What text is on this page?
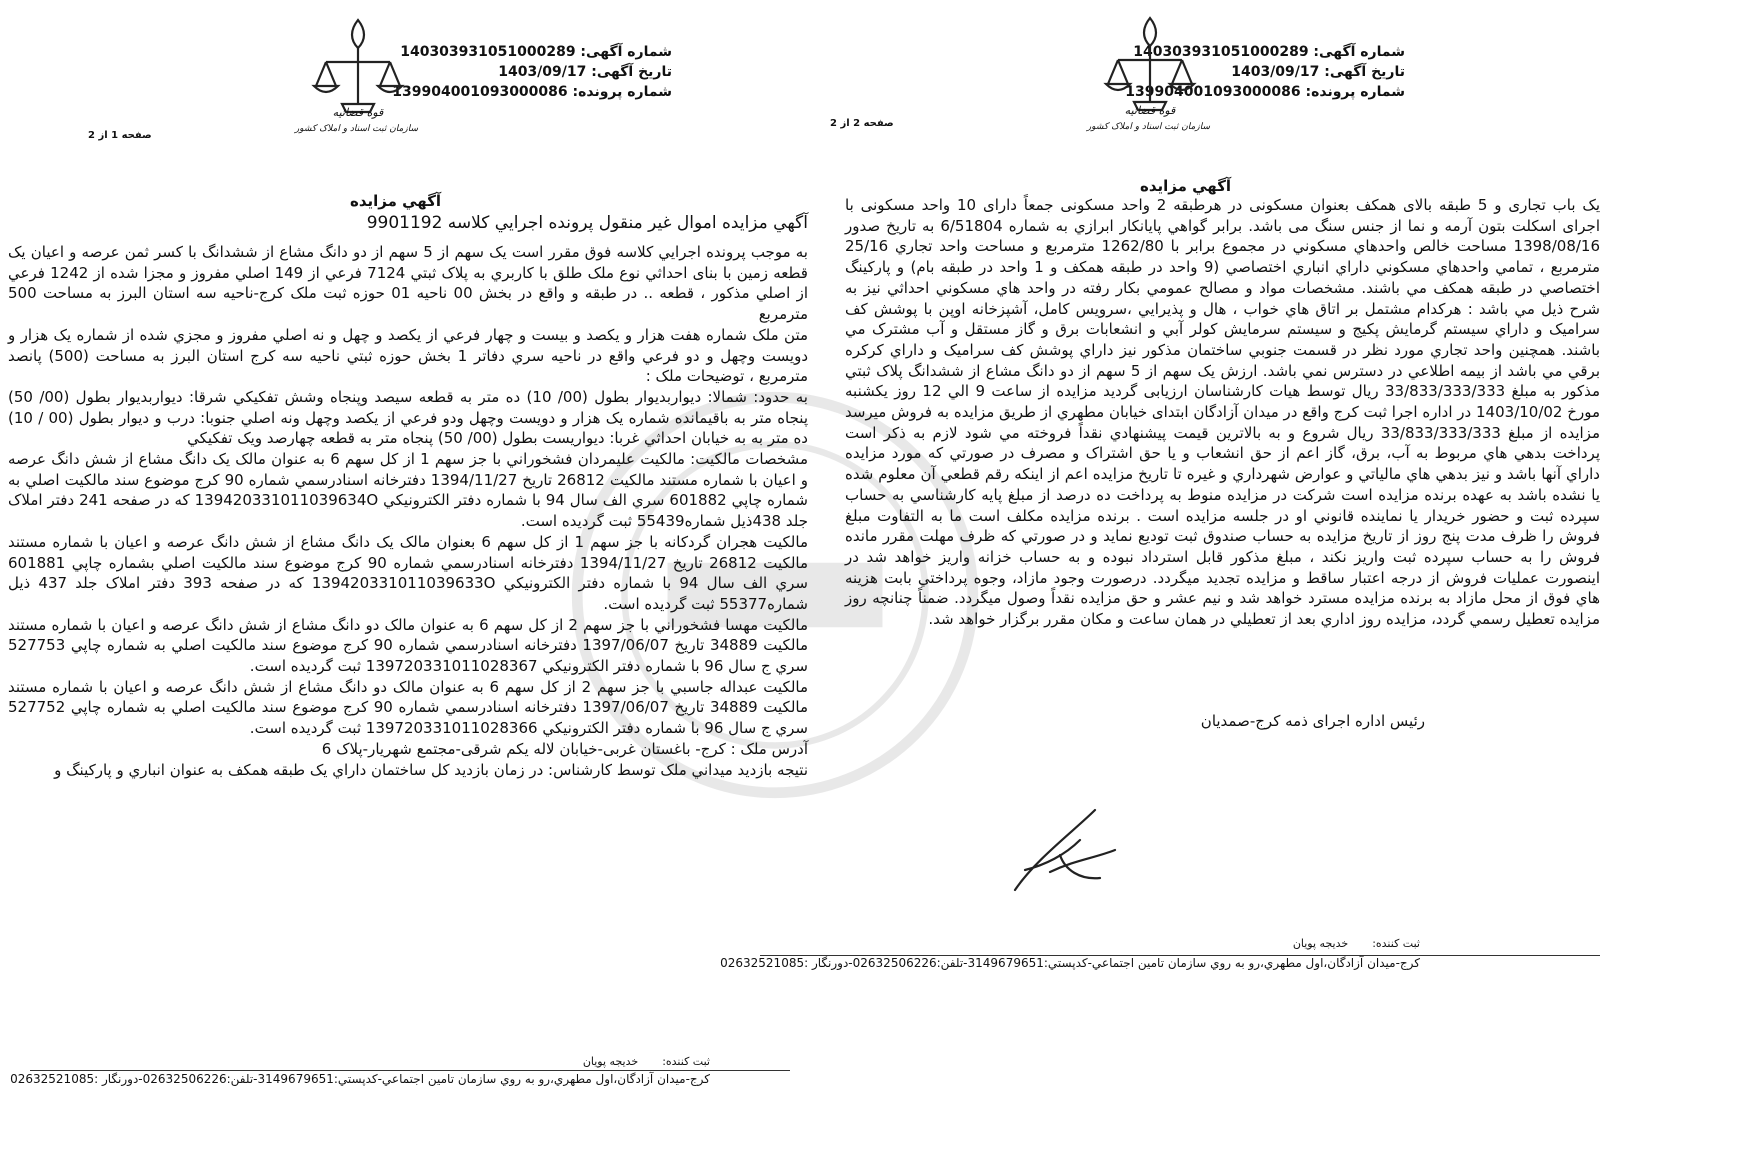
شماره آگهی: 140303931051000289
تاریخ آگهی: 1403/09/17
شماره پرونده: 139904001093000086
قوه قضائیه
سازمان ثبت اسناد و املاک کشور
صفحه 2 از 2
آگهي مزايده

یک باب تجاری و 5 طبقه بالای همکف بعنوان مسکونی در هرطبقه 2 واحد مسکونی جمعاً دارای 10 واحد مسکونی با اجرای اسکلت بتون آرمه و نما از جنس سنگ می باشد. برابر گواهي پايانكار ابرازي به شماره 6/51804 به تاريخ صدور 1398/08/16 مساحت خالص واحدهاي مسكوني در مجموع برابر با 1262/80 مترمربع و مساحت واحد تجاري 25/16 مترمربع ، تمامي واحدهاي مسكوني داراي انباري اختصاصي (9 واحد در طبقه همكف و 1 واحد در طبقه بام) و پاركينگ اختصاصي در طبقه همكف مي باشند. مشخصات مواد و مصالح عمومي بكار رفته در واحد هاي مسكوني احداثي نيز به شرح ذيل مي باشد : هركدام مشتمل بر اتاق هاي خواب ، هال و پذيرايي ،سرويس كامل، آشپزخانه اوپن با پوشش كف سراميک و داراي سيستم گرمايش پكيج و سيستم سرمايش كولر آبي و انشعابات برق و گاز مستقل و آب مشترک مي باشند. همچنين واحد تجاري مورد نظر در قسمت جنوبي ساختمان مذكور نيز داراي پوشش كف سراميک و داراي كركره برقي مي باشد از بيمه اطلاعي در دسترس نمي باشد. ارزش يک سهم از 5 سهم از دو دانگ مشاع از ششدانگ پلاک ثبتي مذکور به مبلغ 33/833/333/333 ریال توسط هيات کارشناسان ارزیابی گرديد مزايده از ساعت 9 الي 12 روز يکشنبه مورخ 1403/10/02 در اداره اجرا ثبت کرج واقع در میدان آزادگان ابتدای خیابان مطهري از طریق مزایده به فروش ميرسد مزايده از مبلغ 33/833/333/333 ریال شروع و به بالاترين قيمت پيشنهادي نقداً فروخته مي شود لازم به ذكر است پرداخت بدهي هاي مربوط به آب، برق، گاز اعم از حق انشعاب و يا حق اشتراک و مصرف در صورتي كه مورد مزايده داراي آنها باشد و نيز بدهي هاي مالياتي و عوارض شهرداري و غيره تا تاريخ مزايده اعم از اينكه رقم قطعي آن معلوم شده يا نشده باشد به عهده برنده مزايده است شركت در مزايده منوط به پرداخت ده درصد از مبلغ پايه كارشناسي به حساب سپرده ثبت و حضور خريدار يا نماينده قانوني او در جلسه مزايده است . برنده مزايده مكلف است ما به التفاوت مبلغ فروش را ظرف مدت پنج روز از تاريخ مزايده به حساب صندوق ثبت توديع نمايد و در صورتي كه ظرف مهلت مقرر مانده فروش را به حساب سپرده ثبت واريز نكند ، مبلغ مذكور قابل استرداد نبوده و به حساب خزانه واريز خواهد شد در اينصورت عمليات فروش از درجه اعتبار ساقط و مزايده تجديد ميگردد. درصورت وجود مازاد، وجوه پرداختي بابت هزينه هاي فوق از محل مازاد به برنده مزايده مسترد خواهد شد و نيم عشر و حق مزايده نقداً وصول ميگردد. ضمناً چنانچه روز مزايده تعطيل رسمي گردد، مزايده روز اداري بعد از تعطيلي در همان ساعت و مكان مقرر برگزار خواهد شد.

رئیس اداره اجرای ذمه کرج-صمدیان
ثبت کننده:خدیجه پویان
کرج-میدان آزادگان،اول مطهري،رو به روي سازمان تامین اجتماعي-کدپستي:3149679651-تلفن:02632506226-دورنگار :02632521085
شماره آگهی: 140303931051000289
تاریخ آگهی: 1403/09/17
شماره پرونده: 139904001093000086
قوه قضائیه
سازمان ثبت اسناد و املاک کشور
صفحه 1 از 2
آگهي مزايده
آگهي مزايده اموال غير منقول پرونده اجرايي كلاسه 9901192

به موجب پرونده اجرايي كلاسه فوق مقرر است يک سهم از 5 سهم از دو دانگ مشاع از ششدانگ با كسر ثمن عرصه و اعيان یک قطعه زمین با بنای احداثي نوع ملک طلق با كاربري به پلاک ثبتي 7124 فرعي از 149 اصلي مفروز و مجزا شده از 1242 فرعي از اصلي مذكور ، قطعه .. در طبقه و واقع در بخش 00 ناحيه 01 حوزه ثبت ملک كرج-ناحيه سه استان البرز به مساحت 500 مترمربع

متن ملک شماره هفت هزار و يكصد و بيست و چهار فرعي از يكصد و چهل و نه اصلي مفروز و مجزي شده از شماره يک هزار و دويست وچهل و دو فرعي واقع در ناحيه سري دفاتر 1 بخش حوزه ثبتي ناحيه سه كرج استان البرز به مساحت (500) پانصد مترمربع ، توضيحات ملک :

به حدود: شمالا: ديواربديوار بطول (00/ 10) ده متر به قطعه سيصد وپنجاه وشش تفكيكي شرقا: ديواربديوار بطول (00/ 50) پنجاه متر به باقيمانده شماره يک هزار و دويست وچهل ودو فرعي از يكصد وچهل ونه اصلي جنوبا: درب و ديوار بطول (00 / 10) ده متر به به خيابان احداثي غربا: ديواريست بطول (00/ 50) پنجاه متر به قطعه چهارصد ويک تفكيكي

مشخصات مالكيت: مالكيت عليمردان فشخوراني با جز سهم 1 از كل سهم 6 به عنوان مالک يک دانگ مشاع از شش دانگ عرصه و اعيان با شماره مستند مالكيت 26812 تاريخ 1394/11/27 دفترخانه اسنادرسمي شماره 90 كرج موضوع سند مالكيت اصلي به شماره چاپي 601882 سري الف سال 94 با شماره دفتر الكترونيكي 139420331011039634O كه در صفحه 241 دفتر املاک جلد 438ذيل شماره55439 ثبت گرديده است.

مالكيت هجران گردكانه با جز سهم 1 از كل سهم 6 بعنوان مالک يک دانگ مشاع از شش دانگ عرصه و اعيان با شماره مستند مالكيت 26812 تاريخ 1394/11/27 دفترخانه اسنادرسمي شماره 90 كرج موضوع سند مالكيت اصلي بشماره چاپي 601881 سري الف سال 94 با شماره دفتر الكترونيكي 139420331011039633O كه در صفحه 393 دفتر املاک جلد 437 ذيل شماره55377 ثبت گرديده است.

مالكيت مهسا فشخوراني با جز سهم 2 از كل سهم 6 به عنوان مالک دو دانگ مشاع از شش دانگ عرصه و اعيان با شماره مستند مالكيت 34889 تاريخ 1397/06/07 دفترخانه اسنادرسمي شماره 90 كرج موضوع سند مالكيت اصلي به شماره چاپي 527753 سري ج سال 96 با شماره دفتر الكترونيكي 139720331011028367 ثبت گرديده است.

مالكيت عبداله جاسبي با جز سهم 2 از كل سهم 6 به عنوان مالک دو دانگ مشاع از شش دانگ عرصه و اعيان با شماره مستند مالكيت 34889 تاريخ 1397/06/07 دفترخانه اسنادرسمي شماره 90 كرج موضوع سند مالكيت اصلي به شماره چاپي 527752 سري ج سال 96 با شماره دفتر الكترونيكي 139720331011028366 ثبت گرديده است.

آدرس ملک : کرج- باغستان غربی-خیابان لاله یکم شرقی-مجتمع شهریار-پلاک 6

نتيجه بازديد ميداني ملک توسط كارشناس: در زمان بازديد كل ساختمان داراي يک طبقه همكف به عنوان انباري و پاركينگ و

ثبت کننده:خدیجه پویان
کرج-میدان آزادگان،اول مطهري،رو به روي سازمان تامین اجتماعي-کدپستي:3149679651-تلفن:02632506226-دورنگار :02632521085
